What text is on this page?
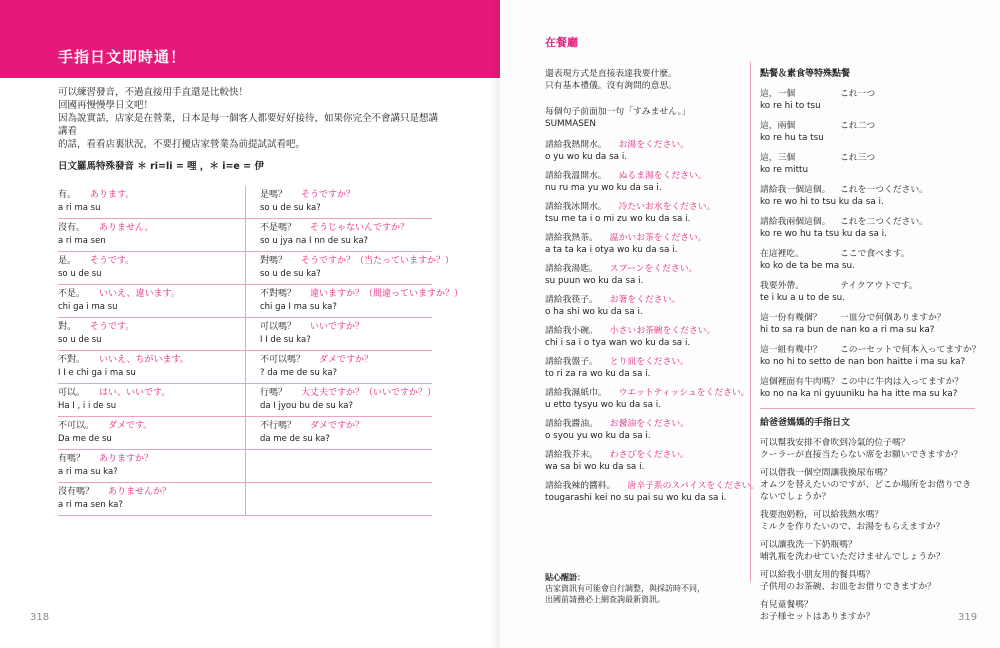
手指日文即時通！

可以練習發音，不過直接用手直還是比較快！

回國再慢慢學日文吧！

因為說實話，店家是在營業，日本是每一個客人都要好好接待，如果你完全不會講只是想講講看

的話，看看店裏狀況，不要打擾店家營業為前提試試看吧。

日文羅馬特殊發音 ＊ ri=li = 哩 ，＊ i=e = 伊
有。 あります。
a ri ma su
是嗎？ そうですか？
so u de su ka?
沒有。 ありません。
a ri ma sen
不是嗎？ そうじゃないんですか？
so u jya na I nn de su ka?
是。 そうです。
so u de su
對嗎？ そうですか？（当たっていますか？）
so u de su ka?
不是。 いいえ、違います。
chi ga i ma su
不對嗎？ 違いますか？（間違っていますか？）
chi ga I ma su ka?
對。 そうです。
so u de su
可以嗎？ いいですか？
I I de su ka?
不對。 いいえ、ちがいます。
I I e chi ga i ma su
不可以嗎？ ダメですか？
? da me de su ka?
可以。 はい、いいです。
Ha I , i i de su
行嗎？ 大丈夫ですか？（いいですか？）
da I jyou bu de su ka?
不可以。 ダメです。
Da me de su
不行嗎？ ダメですか？
da me de su ka?
有嗎？ ありますか？
a ri ma su ka?
沒有嗎？ ありませんか？
a ri ma sen ka?
318
在餐廳
還表現方式是直接表達我要什麼。
只有基本禮儀。沒有詢問的意思。
每個句子前面加一句「すみません。」
SUMMASEN
請給我熱開水。 お湯をください。
o yu wo ku da sa i.
請給我溫開水。 ぬるま湯をください。
nu ru ma yu wo ku da sa i.
請給我冰開水。 冷たいお水をください。
tsu me ta i o mi zu wo ku da sa i.
請給我熱茶。 温かいお茶をください。
a ta ta ka i otya wo ku da sa i.
請給我湯匙。 スプーンをください。
su puun wo ku da sa i.
請給我筷子。 お箸をください。
o ha shi wo ku da sa i.
請給我小碗。 小さいお茶碗をください。
chi i sa i o tya wan wo ku da sa i.
請給我盤子。 とり皿をください。
to ri za ra wo ku da sa i.
請給我濕紙巾。 ウエットティッシュをください。
u etto tysyu wo ku da sa i.
請給我醬油。 お醤油をください。
o syou yu wo ku da sa i.
請給我芥末。 わさびをください。
wa sa bi wo ku da sa i.
請給我辣的醬料。 唐辛子系のスパイスをください。
tougarashi kei no su pai su wo ku da sa i.
貼心醒語：
店家資訊有可能會自行調整，與採訪時不同，
出國前請務必上網查詢最新資訊。
點餐＆素食等特殊點餐
這，一個	これ一つ
ko re hi to tsu
這，兩個	これ二つ
ko re hu ta tsu
這，三個	これ三つ
ko re mittu
請給我一個這個。 これを一つください。
ko re wo hi to tsu ku da sa i.
請給我兩個這個。 これを二つください。
ko re wo hu ta tsu ku da sa i.
在這裡吃。	ここで食べます。
ko ko de ta be ma su.
我要外帶。	テイクアウトです。
te i ku a u to de su.
這一份有幾個？ 一皿分で何個ありますか？
hi to sa ra bun de nan ko a ri ma su ka?
這一組有幾中？ このーセットで何本入ってますか？
ko no hi to setto de nan bon haitte i ma su ka?
這個裡面有牛肉嗎？この中に牛肉は入ってますか？
ko no na ka ni gyuuniku ha ha itte ma su ka?
給爸爸媽媽的手指日文
可以幫我安排不會吹到冷氣的位子嗎？
クーラーが直接当たらない席をお願いできますか？
可以借我一個空間讓我換尿布嗎？
オムツを替えたいのですが、どこか場所をお借りできないでしょうか？
我要泡奶粉，可以給我熱水嗎？
ミルクを作りたいので、お湯をもらえますか？
可以讓我洗一下奶瓶嗎？
哺乳瓶を洗わせていただけませんでしょうか？
可以給我小朋友用的餐具嗎？
子供用のお茶碗、お皿をお借りできますか？
有兒童餐嗎？
お子様セットはありますか？	319
